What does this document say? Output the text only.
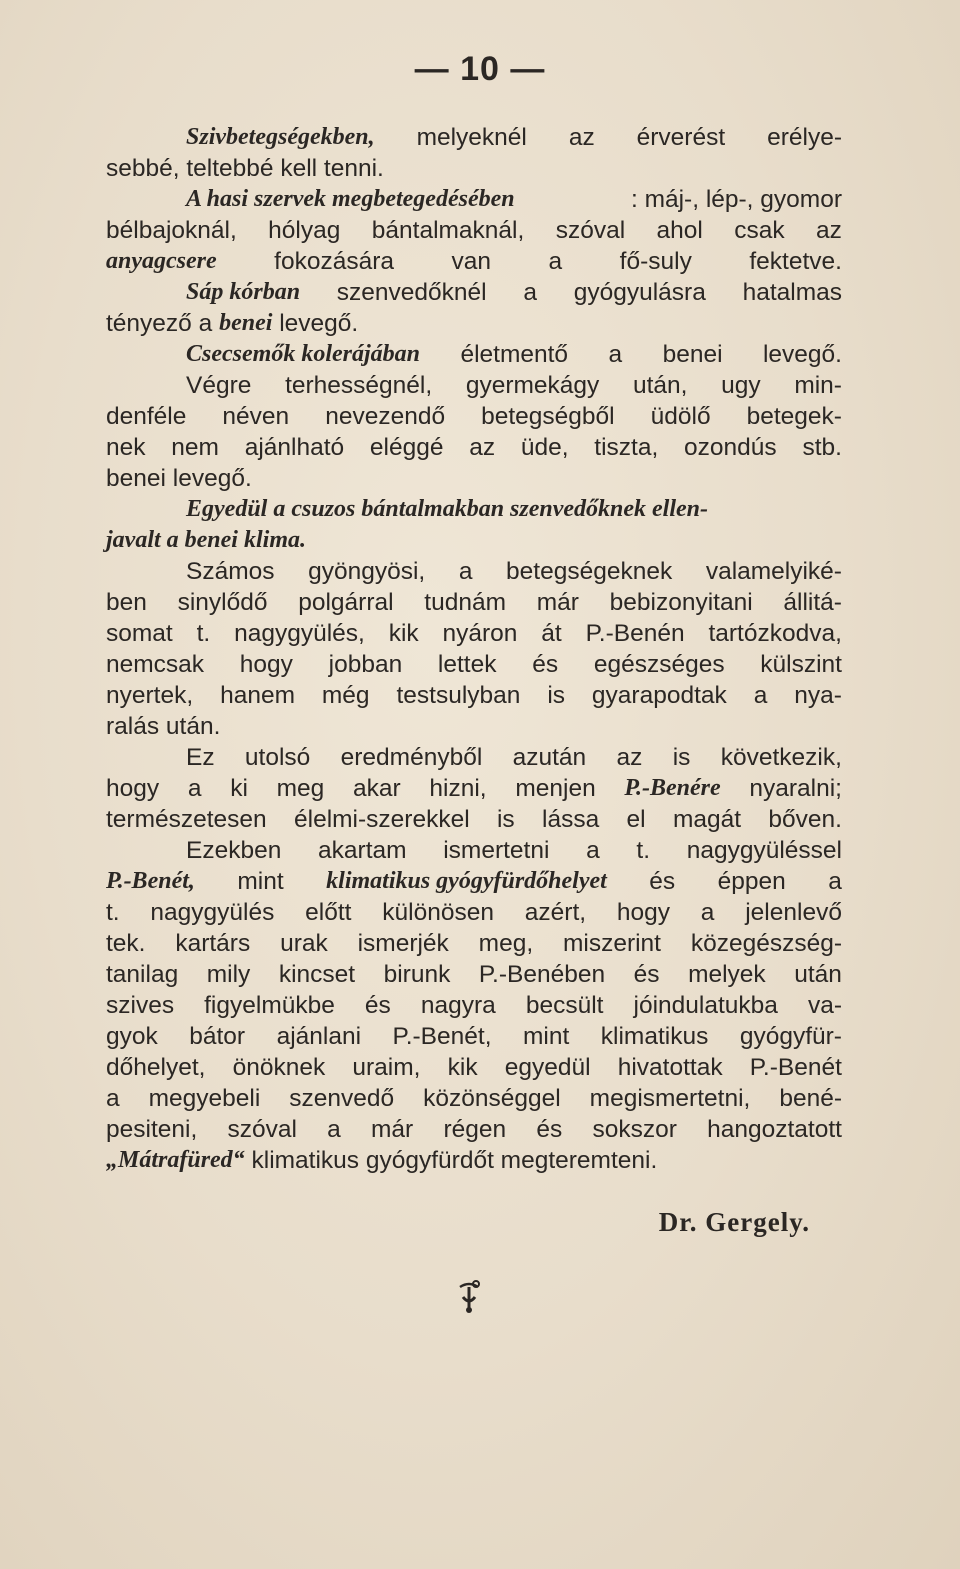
— 10 —
Szivbetegségekben, melyeknél az érverést erélye-
sebbé, teltebbé kell tenni.
A hasi szervek megbetegedésében	: máj-, lép-, gyomor
bélbajoknál, hólyag bántalmaknál, szóval ahol csak az
anyagcsere fokozására van a fő-suly fektetve.
Sáp kórban szenvedőknél a gyógyulásra hatalmas
tényező a benei levegő.
Csecsemők kolerájában életmentő a benei levegő.
Végre terhességnél, gyermekágy után, ugy min-
denféle néven nevezendő betegségből üdölő betegek-
nek nem ajánlható eléggé az üde, tiszta, ozondús stb.
benei levegő.
Egyedül a csuzos bántalmakban szenvedőknek ellen-
javalt a benei klima.
Számos gyöngyösi, a betegségeknek valamelyiké-
ben sinylődő polgárral tudnám már bebizonyitani állitá-
somat t. nagygyülés, kik nyáron át P.-Benén tartózkodva,
nemcsak hogy jobban lettek és egészséges külszint
nyertek, hanem még testsulyban is gyarapodtak a nya-
ralás után.
Ez utolsó eredményből azután az is következik,
hogy a ki meg akar hizni, menjen P.-Benére nyaralni;
természetesen élelmi-szerekkel is lássa el magát bőven.
Ezekben akartam ismertetni a t. nagygyüléssel
P.-Benét, mint klimatikus gyógyfürdőhelyet és éppen a
t. nagygyülés előtt különösen azért, hogy a jelenlevő
tek. kartárs urak ismerjék meg, miszerint közegészség-
tanilag mily kincset birunk P.-Benében és melyek után
szives figyelmükbe és nagyra becsült jóindulatukba va-
gyok bátor ajánlani P.-Benét, mint klimatikus gyógyfür-
dőhelyet, önöknek uraim, kik egyedül hivatottak P.-Benét
a megyebeli szenvedő közönséggel megismertetni, bené-
pesiteni, szóval a már régen és sokszor hangoztatott
„Mátrafüred“ klimatikus gyógyfürdőt megteremteni.
Dr. Gergely.
